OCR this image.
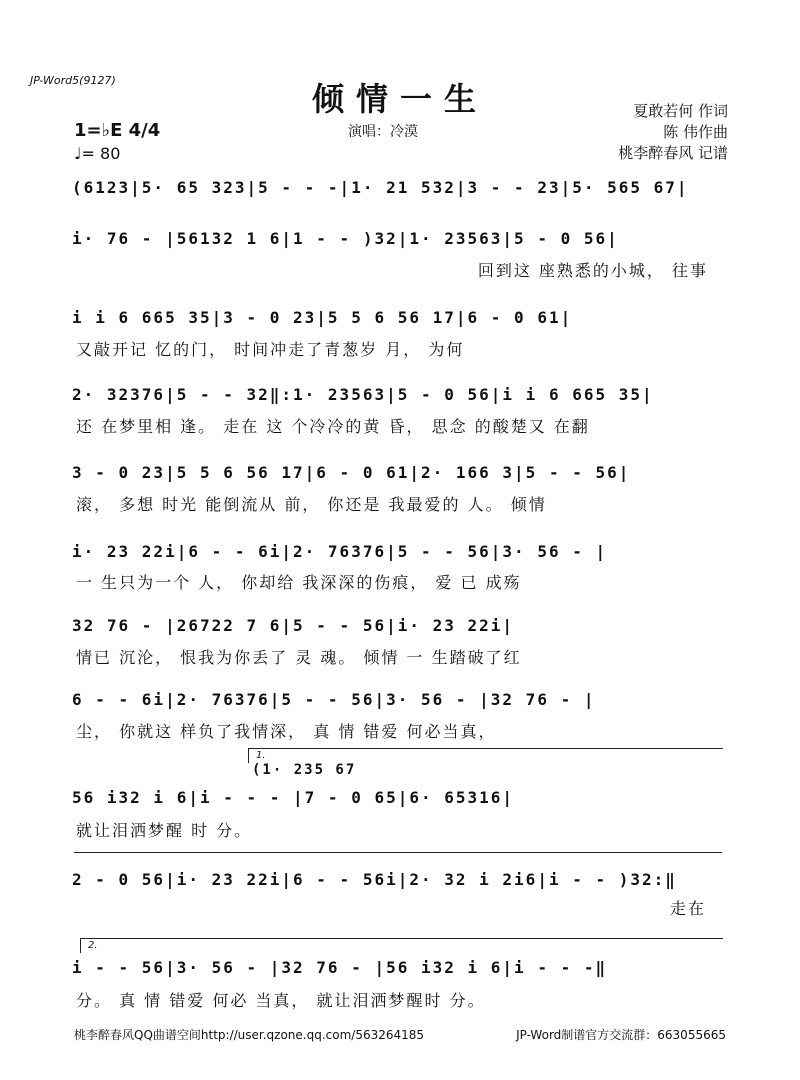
JP-Word5(9127)	倾情一生
演唱：冷漠
夏敢若何 作词
陈 伟作曲
桃李醉春风 记谱
1=♭E 4/4
♩= 80
(6123|5· 65 323|5 - - -|1· 21 532|3 - - 23|5· 565 67|
i· 76 - |56132 1 6|1 - - )32|1· 23563|5 - 0 56|
回到这 座熟悉的小城， 往事
i i 6 665 35|3 - 0 23|5 5 6 56 17|6 - 0 61|
又敲开记 忆的门， 时间冲走了青葱岁 月， 为何
2· 32376|5 - - 32‖:1· 23563|5 - 0 56|i i 6 665 35|
还 在梦里相 逢。 走在 这 个冷冷的黄 昏， 思念 的酸楚又 在翻
3 - 0 23|5 5 6 56 17|6 - 0 61|2· 166 3|5 - - 56|
滚， 多想 时光 能倒流从 前， 你还是 我最爱的 人。 倾情
i· 23 22i|6 - - 6i|2· 76376|5 - - 56|3· 56 - |
一 生只为一个 人， 你却给 我深深的伤痕， 爱 已 成殇
32 76 - |26722 7 6|5 - - 56|i· 23 22i|
情已 沉沦， 恨我为你丢了 灵 魂。 倾情 一 生踏破了红
6 - - 6i|2· 76376|5 - - 56|3· 56 - |32 76 - |
尘， 你就这 样负了我情深， 真 情 错爱 何必当真，
1.
(1· 235 67
56 i32 i 6|i - - - |7 - 0 65|6· 65316|
就让泪洒梦醒 时 分。
2 - 0 56|i· 23 22i|6 - - 56i|2· 32 i 2i6|i - - )32:‖
走在
2.
i - - 56|3· 56 - |32 76 - |56 i32 i 6|i - - -‖
分。 真 情 错爱 何必 当真， 就让泪洒梦醒时 分。
桃李醉春风QQ曲谱空间http://user.qzone.qq.com/563264185	JP-Word制谱官方交流群：663055665
